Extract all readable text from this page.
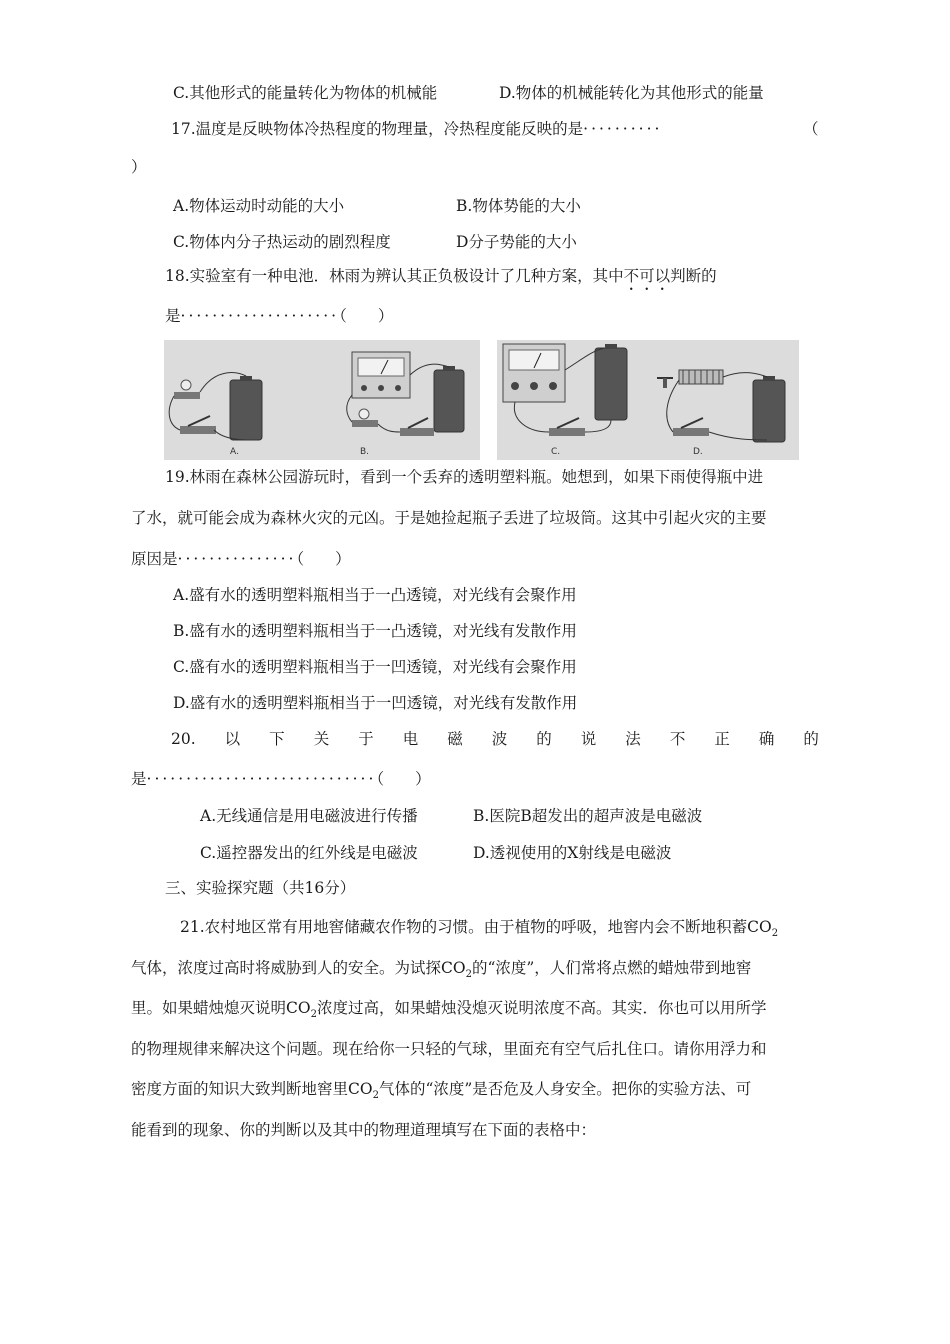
C.其他形式的能量转化为物体的机械能	D.物体的机械能转化为其他形式的能量
17.温度是反映物体冷热程度的物理量，冷热程度能反映的是··········	（
）
A.物体运动时动能的大小	B.物体势能的大小
C.物体内分子热运动的剧烈程度	D分子势能的大小
18.实验室有一种电池．林雨为辨认其正负极设计了几种方案，其中不可以判断的
是····················（　　）
A.	B.	C.	D.
19.林雨在森林公园游玩时，看到一个丢弃的透明塑料瓶。她想到，如果下雨使得瓶中进
了水，就可能会成为森林火灾的元凶。于是她捡起瓶子丢进了垃圾筒。这其中引起火灾的主要
原因是···············（　　）
A.盛有水的透明塑料瓶相当于一凸透镜，对光线有会聚作用
B.盛有水的透明塑料瓶相当于一凸透镜，对光线有发散作用
C.盛有水的透明塑料瓶相当于一凹透镜，对光线有会聚作用
D.盛有水的透明塑料瓶相当于一凹透镜，对光线有发散作用
20. 以 下 关 于 电 磁 波 的 说 法 不 正 确 的
是·····························（　　）
A.无线通信是用电磁波进行传播	B.医院B超发出的超声波是电磁波
C.遥控器发出的红外线是电磁波	D.透视使用的X射线是电磁波
三、实验探究题（共16分）
21.农村地区常有用地窖储藏农作物的习惯。由于植物的呼吸，地窖内会不断地积蓄$CO_2$
气体，浓度过高时将威胁到人的安全。为试探$CO_2$的“浓度”，人们常将点燃的蜡烛带到地窖
里。如果蜡烛熄灭说明$CO_2$浓度过高，如果蜡烛没熄灭说明浓度不高。其实．你也可以用所学
的物理规律来解决这个问题。现在给你一只轻的气球，里面充有空气后扎住口。请你用浮力和
密度方面的知识大致判断地窖里$CO_2$气体的“浓度”是否危及人身安全。把你的实验方法、可
能看到的现象、你的判断以及其中的物理道理填写在下面的表格中：
